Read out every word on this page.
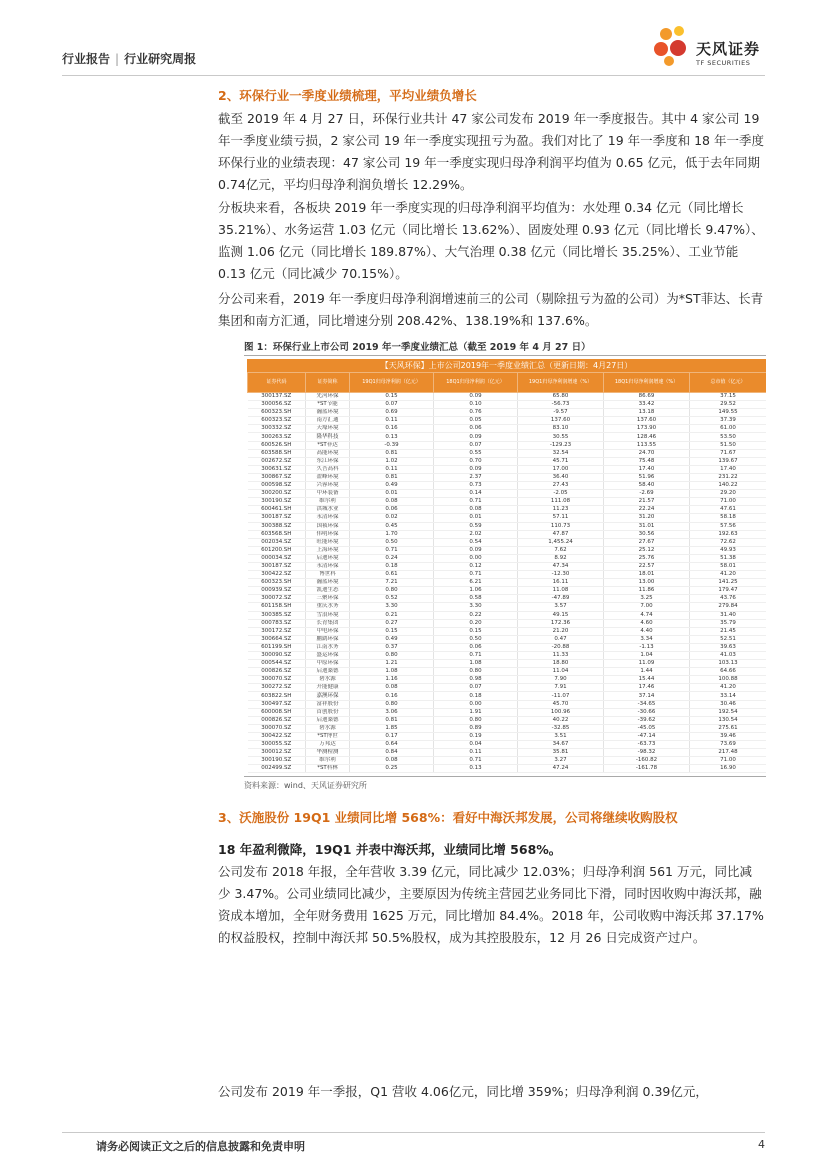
行业报告 | 行业研究周报
天风证券
TF SECURITIES
2、环保行业一季度业绩梳理，平均业绩负增长
截至 2019 年 4 月 27 日，环保行业共计 47 家公司发布 2019 年一季度报告。其中 4 家公司 19 年一季度业绩亏损，2 家公司 19 年一季度实现扭亏为盈。我们对比了 19 年一季度和 18 年一季度环保行业的业绩表现：47 家公司 19 年一季度实现归母净利润平均值为 0.65 亿元，低于去年同期 0.74亿元，平均归母净利润负增长 12.29%。
分板块来看，各板块 2019 年一季度实现的归母净利润平均值为：水处理 0.34 亿元（同比增长 35.21%）、水务运营 1.03 亿元（同比增长 13.62%）、固废处理 0.93 亿元（同比增长 9.47%）、监测 1.06 亿元（同比增长 189.87%）、大气治理 0.38 亿元（同比增长 35.25%）、工业节能 0.13 亿元（同比减少 70.15%）。
分公司来看，2019 年一季度归母净利润增速前三的公司（剔除扭亏为盈的公司）为*ST菲达、长青集团和南方汇通，同比增速分别 208.42%、138.19%和 137.6%。
图 1：环保行业上市公司 2019 年一季度业绩汇总（截至 2019 年 4 月 27 日）
【天风环保】上市公司2019年一季度业绩汇总（更新日期：4月27日）
证券代码	证券简称	19Q1归母净利润（亿元）	18Q1归母净利润（亿元）	19Q1归母净利润增速（%）	18Q1归母净利润增速（%）	总市值（亿元）
300137.SZ	先河环保	0.15	0.09	65.80	86.69	37.15
300056.SZ	*ST节能	0.07	0.10	-56.73	33.42	29.52
600323.SH	瀚蓝环境	0.69	0.76	-9.57	13.18	149.55
600323.SZ	南方汇通	0.11	0.05	137.60	137.60	37.39
300332.SZ	天壕环境	0.16	0.06	83.10	173.90	61.00
300263.SZ	隆华科技	0.13	0.09	30.55	128.46	53.50
600526.SH	*ST菲达	-0.39	0.07	-129.23	113.55	51.50
603588.SH	高能环境	0.81	0.55	32.54	24.70	71.67
002672.SZ	东江环保	1.02	0.70	45.71	75.48	139.67
300631.SZ	久吾高科	0.11	0.09	17.00	17.40	17.40
300867.SZ	盈峰环境	0.81	2.37	36.40	51.96	231.22
000598.SZ	兴蓉环境	0.49	0.73	27.43	58.40	140.22
300200.SZ	中环装备	0.01	0.14	-2.05	-2.69	29.20
300190.SZ	维尔利	0.08	0.71	111.08	21.57	71.00
600461.SH	洪城水业	0.06	0.08	11.23	22.24	47.61
300187.SZ	永清环保	0.02	0.01	57.11	31.20	58.18
300388.SZ	国祯环保	0.45	0.59	110.73	31.01	57.56
603568.SH	伟明环保	1.70	2.02	47.87	30.56	192.63
002034.SZ	旺能环境	0.50	0.54	1,455.24	27.67	72.62
601200.SH	上海环境	0.71	0.09	7.62	25.12	49.93
000034.SZ	启迪环境	0.24	0.00	8.92	25.76	51.38
300187.SZ	永清环保	0.18	0.12	47.34	22.57	58.01
300422.SZ	博世科	0.61	0.71	-12.30	18.01	41.20
600323.SH	瀚蓝环境	7.21	6.21	16.11	13.00	141.25
000939.SZ	凯迪生态	0.80	1.06	11.08	11.86	179.47
300072.SZ	三聚环保	0.52	0.58	-47.89	3.25	43.76
601158.SH	重庆水务	3.30	3.30	3.57	7.00	279.84
300385.SZ	雪浪环境	0.21	0.22	49.15	4.74	31.40
000783.SZ	长青集团	0.27	0.20	172.36	4.60	35.79
300172.SZ	中电环保	0.15	0.15	21.20	4.40	21.45
300664.SZ	鹏鹞环保	0.49	0.50	0.47	3.34	52.51
601199.SH	江南水务	0.37	0.06	-20.88	-1.13	39.63
300090.SZ	盛运环保	0.80	0.71	11.33	1.04	41.03
000544.SZ	中原环保	1.21	1.08	18.80	11.09	103.13
000826.SZ	启迪桑德	1.08	0.80	11.04	1.44	64.66
300070.SZ	碧水源	1.16	0.98	7.90	15.44	100.88
300272.SZ	开能健康	0.08	0.07	7.91	17.46	41.20
603822.SH	嘉澳环保	0.16	0.18	-11.07	37.14	33.14
300497.SZ	富祥股份	0.80	0.00	45.70	-34.65	30.46
600008.SH	首创股份	3.06	1.91	100.96	-30.66	192.54
000826.SZ	启迪桑德	0.81	0.80	40.22	-39.62	130.54
300070.SZ	碧水源	1.85	0.89	-32.85	-45.05	275.61
300422.SZ	*ST博世	0.17	0.19	3.51	-47.14	39.46
300055.SZ	万邦达	0.64	0.04	34.67	-63.73	73.69
300012.SZ	华测检测	0.84	0.11	35.81	-98.32	217.48
300190.SZ	维尔利	0.08	0.71	3.27	-160.82	71.00
002499.SZ	*ST科林	0.25	0.13	47.24	-161.78	16.90
资料来源：wind、天风证券研究所
3、沃施股份 19Q1 业绩同比增 568%：看好中海沃邦发展，公司将继续收购股权
18 年盈利微降，19Q1 并表中海沃邦，业绩同比增 568%。
公司发布 2018 年报，全年营收 3.39 亿元，同比减少 12.03%；归母净利润 561 万元，同比减少 3.47%。公司业绩同比减少，主要原因为传统主营园艺业务同比下滑，同时因收购中海沃邦，融资成本增加，全年财务费用 1625 万元，同比增加 84.4%。2018 年，公司收购中海沃邦 37.17%的权益股权，控制中海沃邦 50.5%股权，成为其控股股东，12 月 26 日完成资产过户。
公司发布 2019 年一季报，Q1 营收 4.06亿元，同比增 359%；归母净利润 0.39亿元，
请务必阅读正文之后的信息披露和免责申明	4
